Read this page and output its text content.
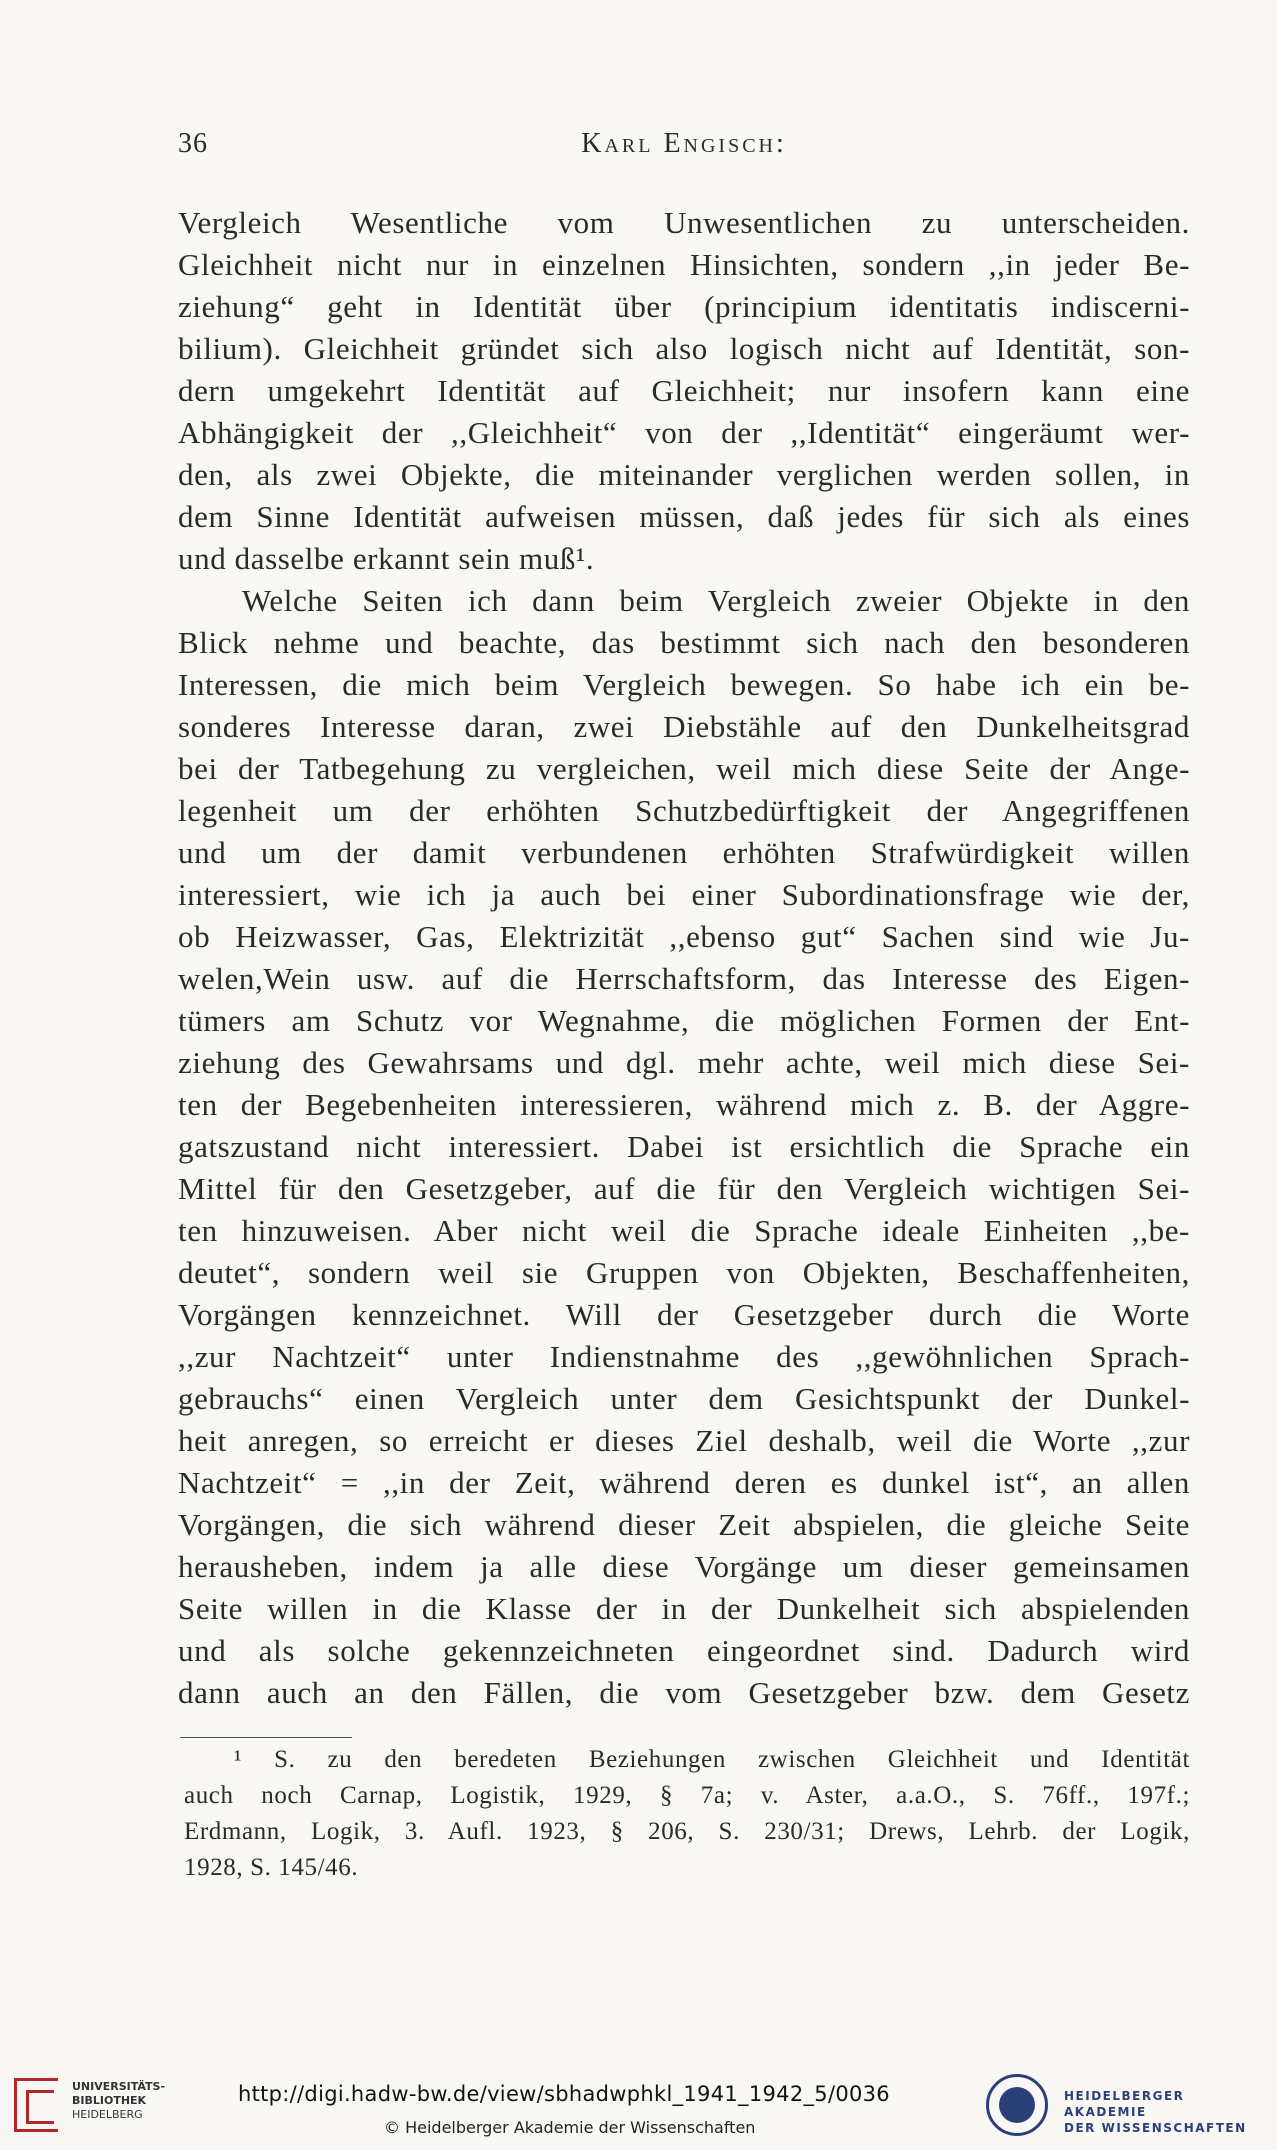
36	Karl Engisch:
Vergleich Wesentliche vom Unwesentlichen zu unterscheiden.
Gleichheit nicht nur in einzelnen Hinsichten, sondern ,,in jeder Be-
ziehung“ geht in Identität über (principium identitatis indiscerni-
bilium). Gleichheit gründet sich also logisch nicht auf Identität, son-
dern umgekehrt Identität auf Gleichheit; nur insofern kann eine
Abhängigkeit der ,,Gleichheit“ von der ,,Identität“ eingeräumt wer-
den, als zwei Objekte, die miteinander verglichen werden sollen, in
dem Sinne Identität aufweisen müssen, daß jedes für sich als eines
und dasselbe erkannt sein muß¹.
Welche Seiten ich dann beim Vergleich zweier Objekte in den
Blick nehme und beachte, das bestimmt sich nach den besonderen
Interessen, die mich beim Vergleich bewegen. So habe ich ein be-
sonderes Interesse daran, zwei Diebstähle auf den Dunkelheitsgrad
bei der Tatbegehung zu vergleichen, weil mich diese Seite der Ange-
legenheit um der erhöhten Schutzbedürftigkeit der Angegriffenen
und um der damit verbundenen erhöhten Strafwürdigkeit willen
interessiert, wie ich ja auch bei einer Subordinationsfrage wie der,
ob Heizwasser, Gas, Elektrizität ,,ebenso gut“ Sachen sind wie Ju-
welen,Wein usw. auf die Herrschaftsform, das Interesse des Eigen-
tümers am Schutz vor Wegnahme, die möglichen Formen der Ent-
ziehung des Gewahrsams und dgl. mehr achte, weil mich diese Sei-
ten der Begebenheiten interessieren, während mich z. B. der Aggre-
gatszustand nicht interessiert. Dabei ist ersichtlich die Sprache ein
Mittel für den Gesetzgeber, auf die für den Vergleich wichtigen Sei-
ten hinzuweisen. Aber nicht weil die Sprache ideale Einheiten ,,be-
deutet“, sondern weil sie Gruppen von Objekten, Beschaffenheiten,
Vorgängen kennzeichnet. Will der Gesetzgeber durch die Worte
,,zur Nachtzeit“ unter Indienstnahme des ,,gewöhnlichen Sprach-
gebrauchs“ einen Vergleich unter dem Gesichtspunkt der Dunkel-
heit anregen, so erreicht er dieses Ziel deshalb, weil die Worte ,,zur
Nachtzeit“ = ,,in der Zeit, während deren es dunkel ist“, an allen
Vorgängen, die sich während dieser Zeit abspielen, die gleiche Seite
herausheben, indem ja alle diese Vorgänge um dieser gemeinsamen
Seite willen in die Klasse der in der Dunkelheit sich abspielenden
und als solche gekennzeichneten eingeordnet sind. Dadurch wird
dann auch an den Fällen, die vom Gesetzgeber bzw. dem Gesetz
¹ S. zu den beredeten Beziehungen zwischen Gleichheit und Identität
auch noch Carnap, Logistik, 1929, § 7a; v. Aster, a.a.O., S. 76ff., 197f.;
Erdmann, Logik, 3. Aufl. 1923, § 206, S. 230/31; Drews, Lehrb. der Logik,
1928, S. 145/46.
UNIVERSITÄTS-
BIBLIOTHEK
HEIDELBERG
http://digi.hadw-bw.de/view/sbhadwphkl_1941_1942_5/0036
© Heidelberger Akademie der Wissenschaften
HEIDELBERGER AKADEMIE
DER WISSENSCHAFTEN
